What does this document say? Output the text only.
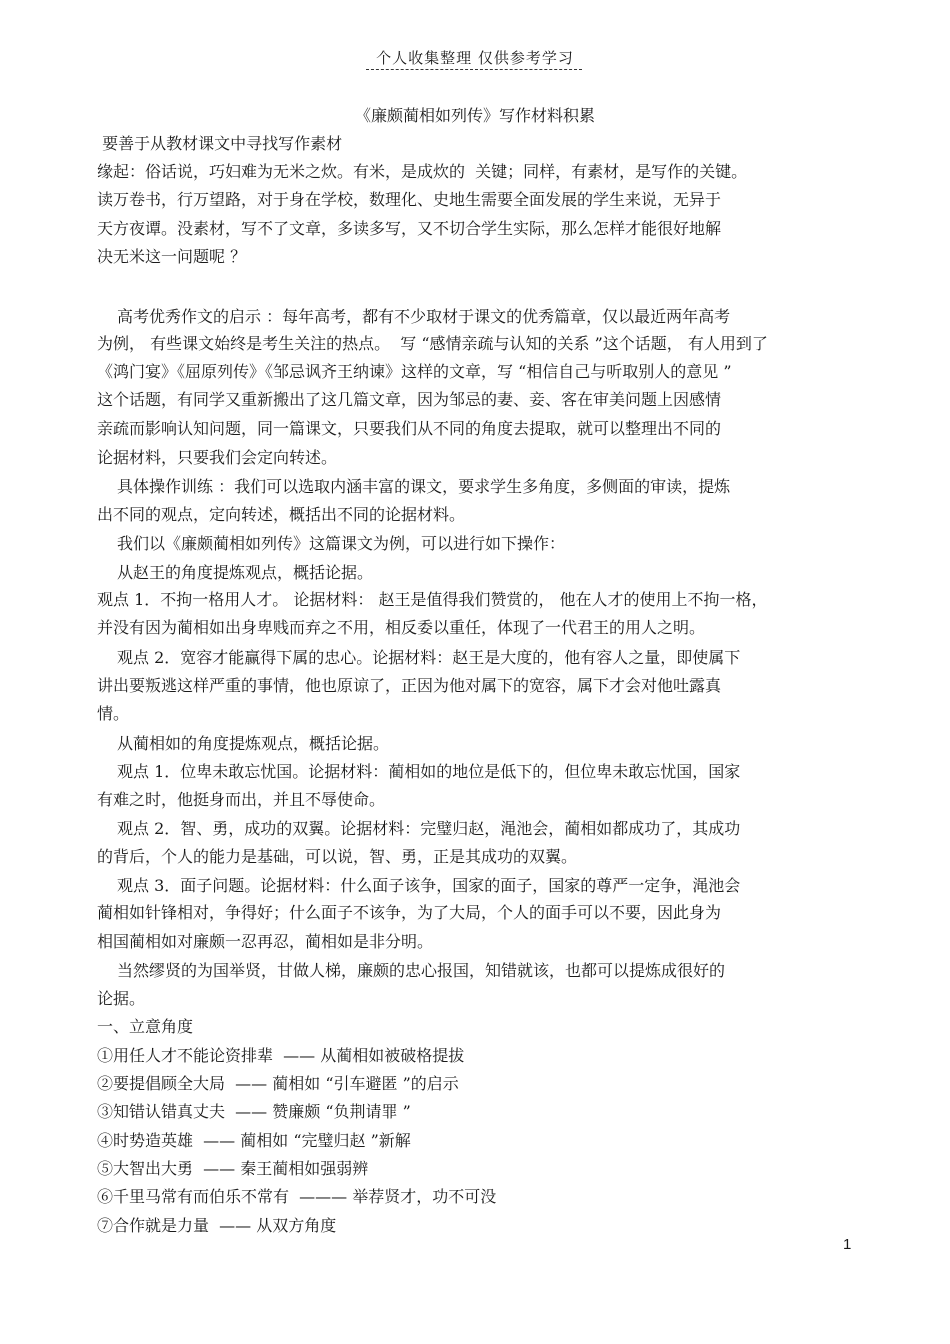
个人收集整理 仅供参考学习
《廉颇蔺相如列传》写作材料积累
要善于从教材课文中寻找写作素材
缘起：俗话说，巧妇难为无米之炊。有米，是成炊的  关键；同样，有素材，是写作的关键。
读万卷书，行万望路，对于身在学校，数理化、史地生需要全面发展的学生来说，无异于
天方夜谭。没素材，写不了文章，多读多写，又不切合学生实际，那么怎样才能很好地解
决无米这一问题呢 ？
高考优秀作文的启示 ：每年高考，都有不少取材于课文的优秀篇章，仅以最近两年高考
为例， 有些课文始终是考生关注的热点。  写 “感情亲疏与认知的关系 ”这个话题， 有人用到了
《鸿门宴》《屈原列传》《邹忌讽齐王纳谏》这样的文章，写 “相信自己与听取别人的意见 ”
这个话题，有同学又重新搬出了这几篇文章，因为邹忌的妻、妾、客在审美问题上因感情
亲疏而影响认知问题，同一篇课文，只要我们从不同的角度去提取，就可以整理出不同的
论据材料，只要我们会定向转述。
具体操作训练 ：我们可以选取内涵丰富的课文，要求学生多角度，多侧面的审读，提炼
出不同的观点，定向转述，概括出不同的论据材料。
我们以《廉颇蔺相如列传》这篇课文为例，可以进行如下操作：
从赵王的角度提炼观点，概括论据。
观点 1．不拘一格用人才。 论据材料： 赵王是值得我们赞赏的， 他在人才的使用上不拘一格，
并没有因为蔺相如出身卑贱而弃之不用，相反委以重任，体现了一代君王的用人之明。
观点 2．宽容才能赢得下属的忠心。论据材料：赵王是大度的，他有容人之量，即使属下
讲出要叛逃这样严重的事情，他也原谅了，正因为他对属下的宽容，属下才会对他吐露真
情。
从蔺相如的角度提炼观点，概括论据。
观点 1．位卑未敢忘忧国。论据材料：蔺相如的地位是低下的，但位卑未敢忘忧国，国家
有难之时，他挺身而出，并且不辱使命。
观点 2．智、勇，成功的双翼。论据材料：完璧归赵，渑池会，蔺相如都成功了，其成功
的背后，个人的能力是基础，可以说，智、勇，正是其成功的双翼。
观点 3．面子问题。论据材料：什么面子该争，国家的面子，国家的尊严一定争，渑池会
蔺相如针锋相对，争得好；什么面子不该争，为了大局，个人的面手可以不要，因此身为
相国蔺相如对廉颇一忍再忍，蔺相如是非分明。
当然缪贤的为国举贤，甘做人梯，廉颇的忠心报国，知错就该，也都可以提炼成很好的
论据。
一、立意角度
①用任人才不能论资排辈  —— 从蔺相如被破格提拔
②要提倡顾全大局  —— 蔺相如 “引车避匿 ”的启示
③知错认错真丈夫  —— 赞廉颇 “负荆请罪 ”
④时势造英雄  —— 蔺相如 “完璧归赵 ”新解
⑤大智出大勇  —— 秦王蔺相如强弱辨
⑥千里马常有而伯乐不常有  ——— 举荐贤才，功不可没
⑦合作就是力量  —— 从双方角度
1
